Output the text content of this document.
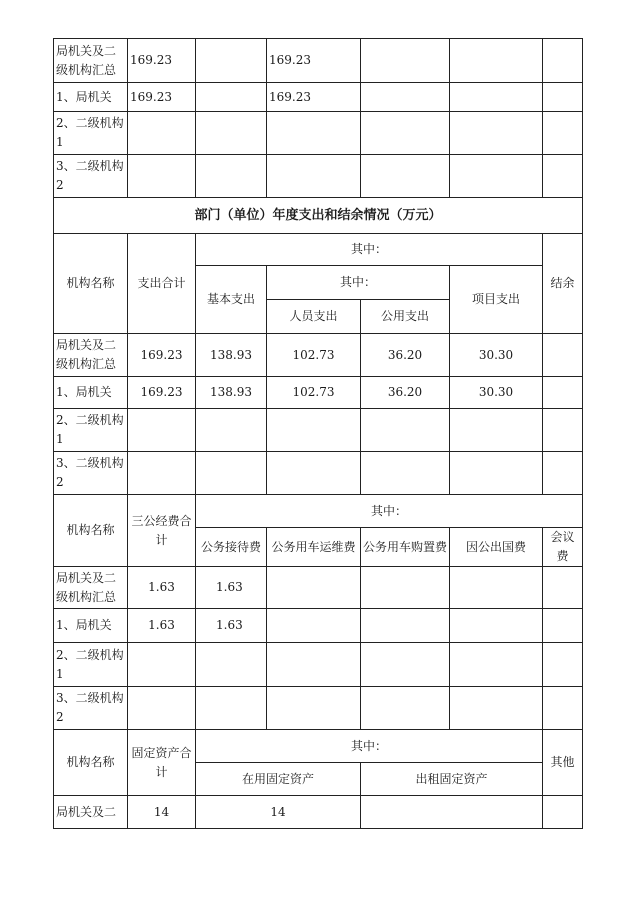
局机关及二级机构汇总	169.23		169.23			
1、局机关	169.23		169.23			
2、二级机构1						
3、二级机构2						
部门（单位）年度支出和结余情况（万元）						
机构名称	支出合计	其中：				结余
		基本支出	其中：		项目支出	
			人员支出	公用支出		
局机关及二级机构汇总	169.23	138.93	102.73	36.20	30.30	
1、局机关	169.23	138.93	102.73	36.20	30.30	
2、二级机构1						
3、二级机构2						
机构名称	三公经费合计	其中：				
		公务接待费	公务用车运维费	公务用车购置费	因公出国费	会议费
局机关及二级机构汇总	1.63	1.63				
1、局机关	1.63	1.63				
2、二级机构1						
3、二级机构2						
机构名称	固定资产合计	其中：				其他
		在用固定资产		出租固定资产		
局机关及二	14	14				
